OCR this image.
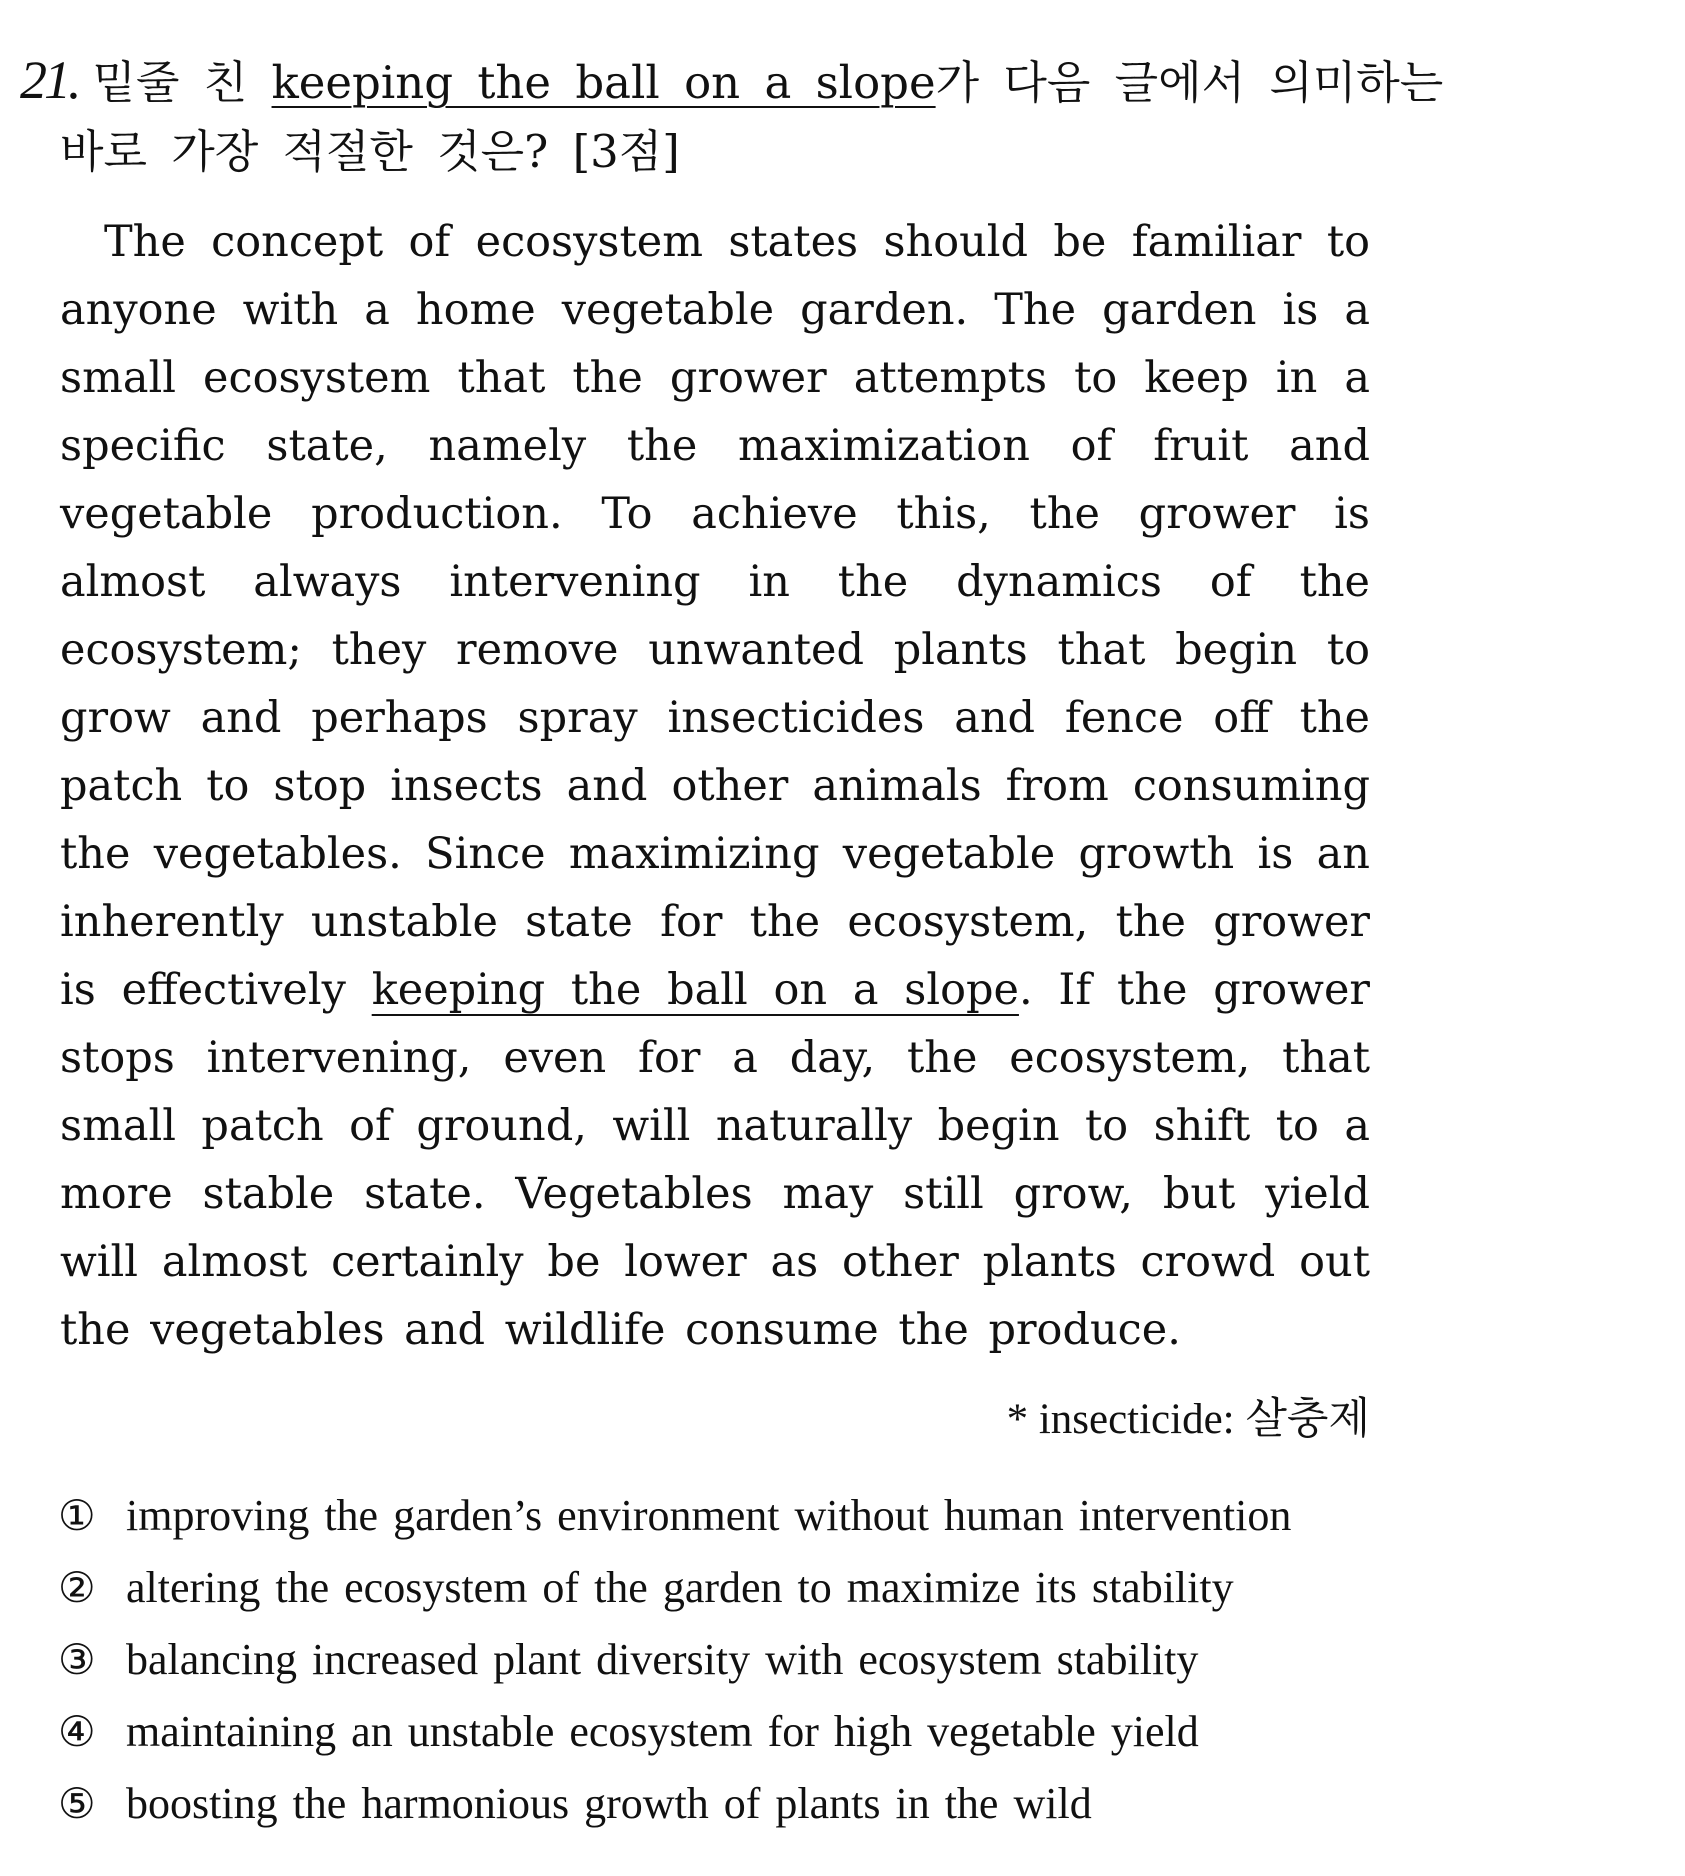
21. 밑줄 친 keeping the ball on a slope가 다음 글에서 의미하는
바로 가장 적절한 것은? [3점]

The concept of ecosystem states should be familiar to anyone with a home vegetable garden. The garden is a small ecosystem that the grower attempts to keep in a specific state, namely the maximization of fruit and vegetable production. To achieve this, the grower is almost always intervening in the dynamics of the ecosystem; they remove unwanted plants that begin to grow and perhaps spray insecticides and fence off the patch to stop insects and other animals from consuming the vegetables. Since maximizing vegetable growth is an inherently unstable state for the ecosystem, the grower is effectively keeping the ball on a slope. If the grower stops intervening, even for a day, the ecosystem, that small patch of ground, will naturally begin to shift to a more stable state. Vegetables may still grow, but yield will almost certainly be lower as other plants crowd out the vegetables and wildlife consume the produce.

* insecticide: 살충제
① improving the garden’s environment without human intervention
② altering the ecosystem of the garden to maximize its stability
③ balancing increased plant diversity with ecosystem stability
④ maintaining an unstable ecosystem for high vegetable yield
⑤ boosting the harmonious growth of plants in the wild
